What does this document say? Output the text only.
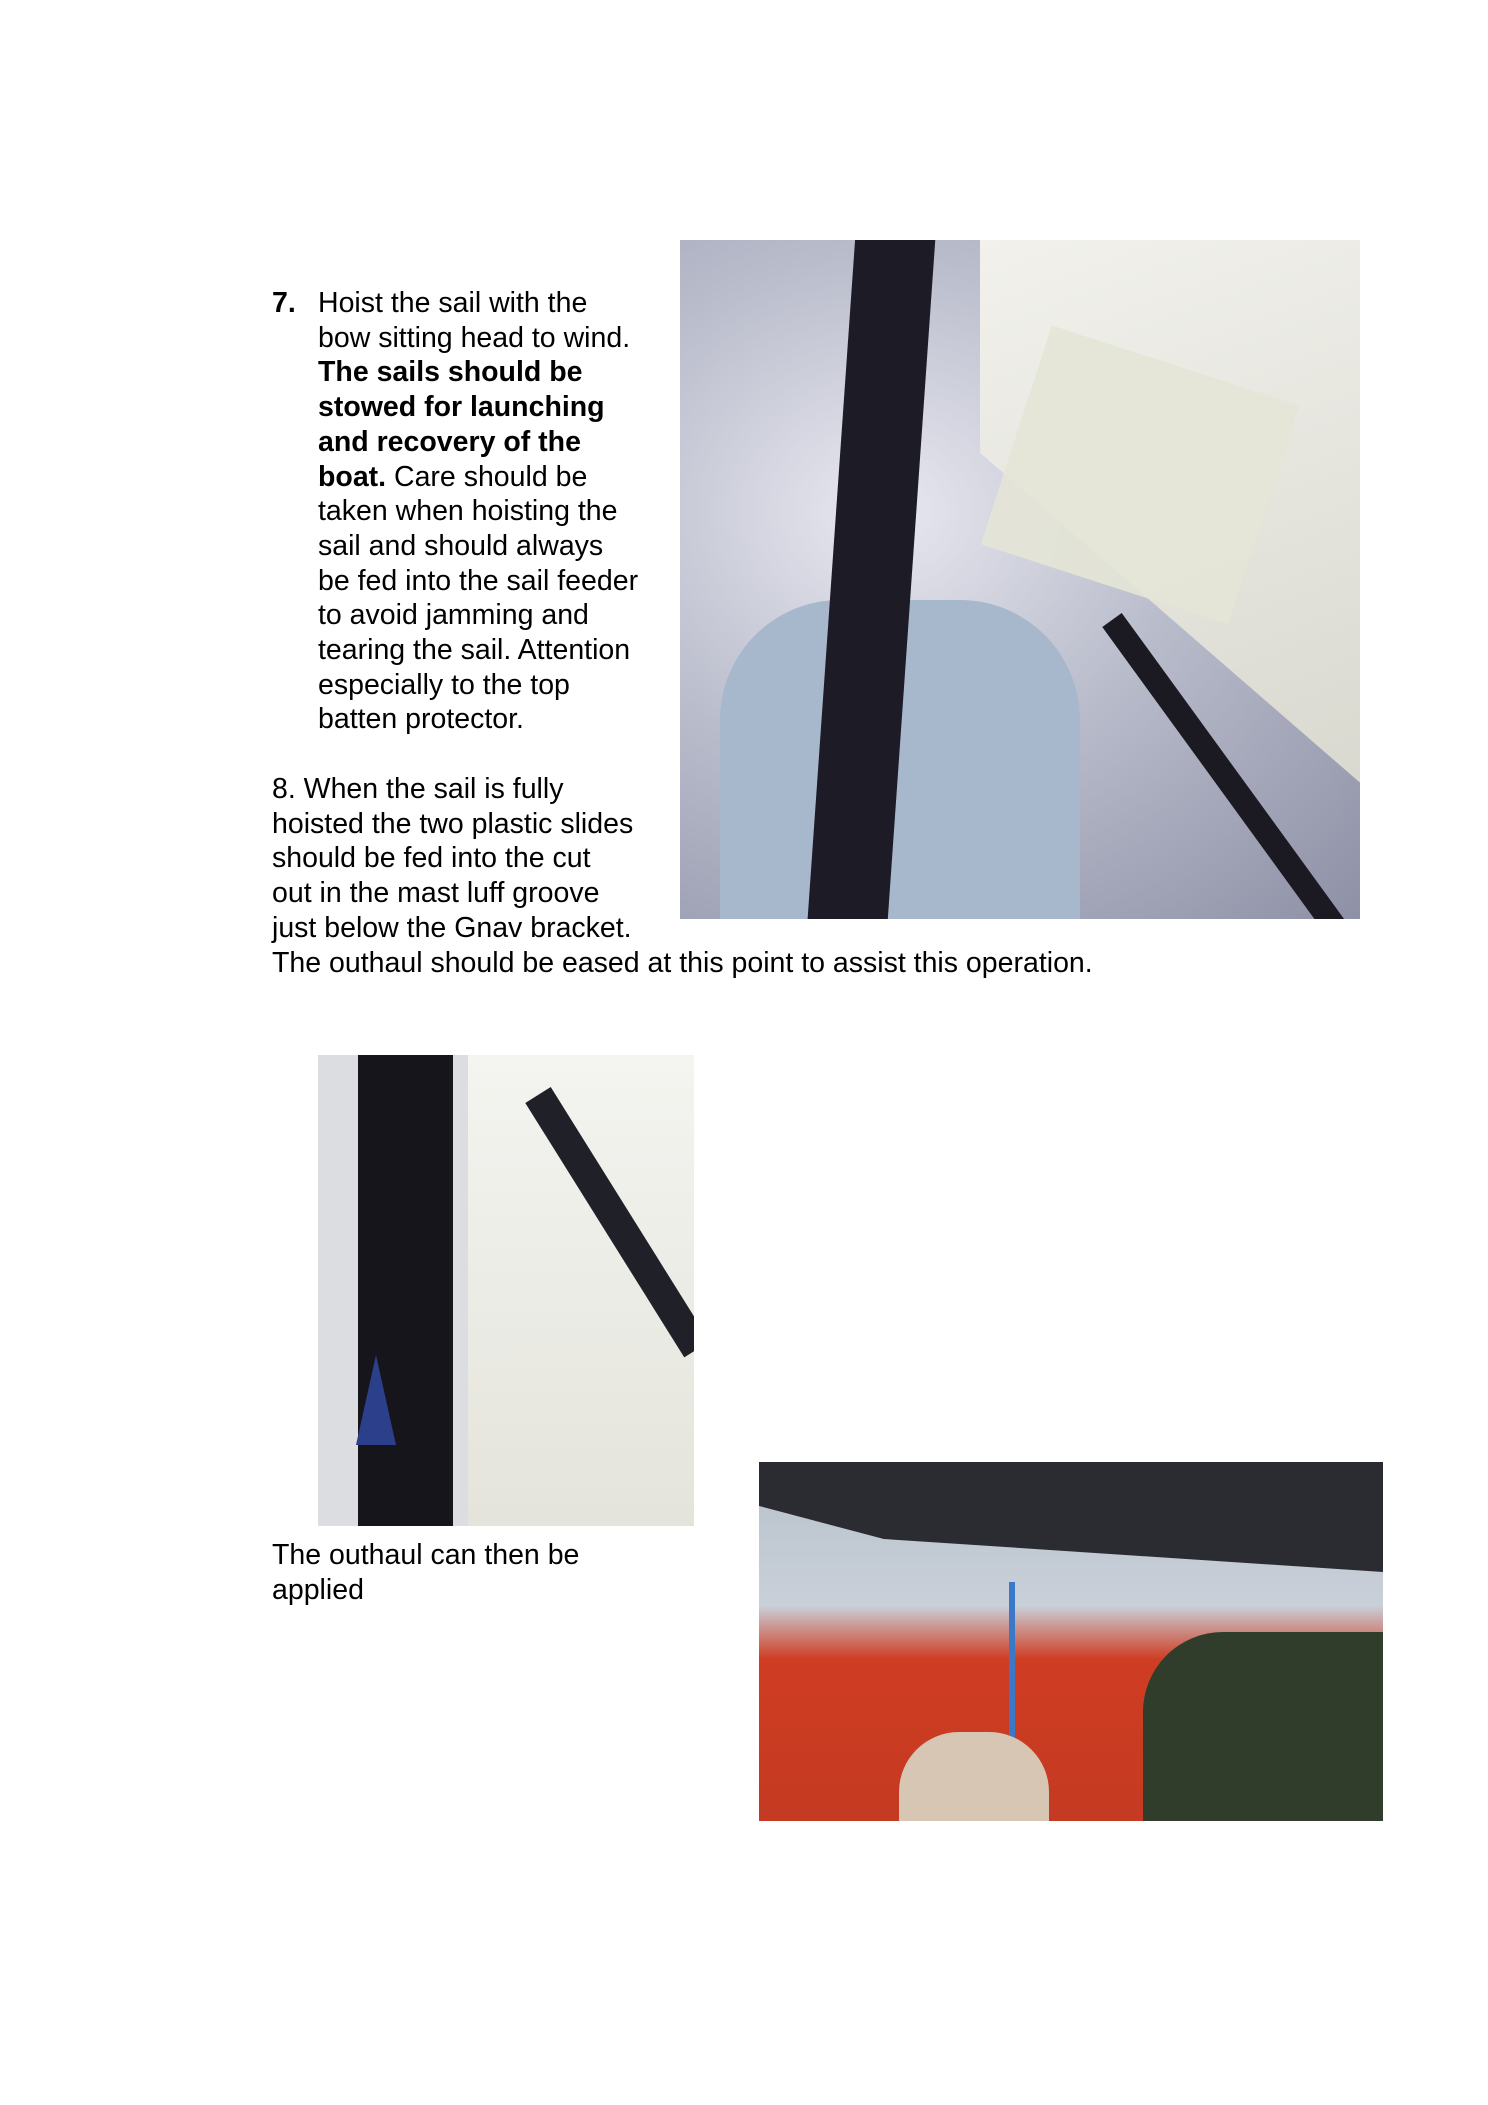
7. Hoist the sail with the
bow sitting head to wind.
The sails should be
stowed for launching
and recovery of the
boat. Care should be
taken when hoisting the
sail and should always
be fed into the sail feeder
to avoid jamming and
tearing the sail. Attention
especially to the top
batten protector.
8. When the sail is fully
hoisted the two plastic slides
should be fed into the cut
out in the mast luff groove
just below the Gnav bracket.
The outhaul should be eased at this point to assist this operation.
The outhaul can then be
applied
